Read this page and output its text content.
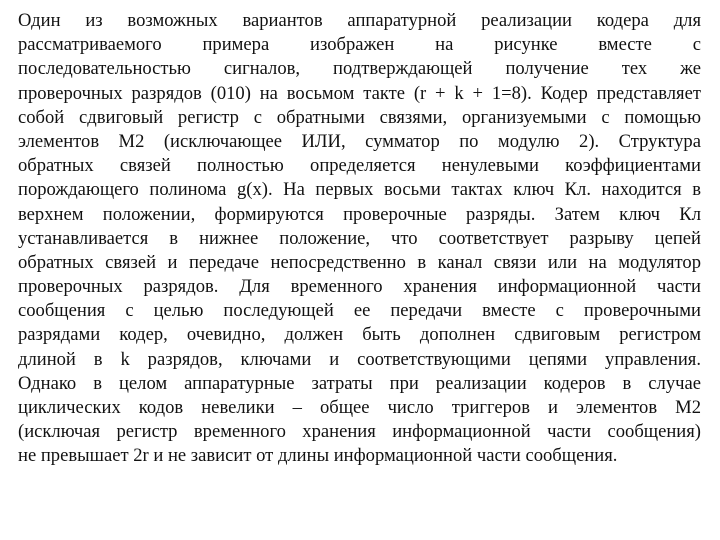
Один из возможных вариантов аппаратурной реализации кодера для
рассматриваемого примера изображен на рисунке вместе с
последовательностью сигналов, подтверждающей получение тех же
проверочных разрядов (010) на восьмом такте (r + k + 1=8). Кодер представляет
собой сдвиговый регистр с обратными связями, организуемыми с помощью
элементов М2 (исключающее ИЛИ, сумматор по модулю 2). Структура
обратных связей полностью определяется ненулевыми коэффициентами
порождающего полинома g(x). На первых восьми тактах ключ Кл. находится в
верхнем положении, формируются проверочные разряды. Затем ключ Кл
устанавливается в нижнее положение, что соответствует разрыву цепей
обратных связей и передаче непосредственно в канал связи или на модулятор
проверочных разрядов. Для временного хранения информационной части
сообщения с целью последующей ее передачи вместе с проверочными
разрядами кодер, очевидно, должен быть дополнен сдвиговым регистром
длиной в k разрядов, ключами и соответствующими цепями управления.
Однако в целом аппаратурные затраты при реализации кодеров в случае
циклических кодов невелики – общее число триггеров и элементов М2
(исключая регистр временного хранения информационной части сообщения)
не превышает 2r и не зависит от длины информационной части сообщения.
